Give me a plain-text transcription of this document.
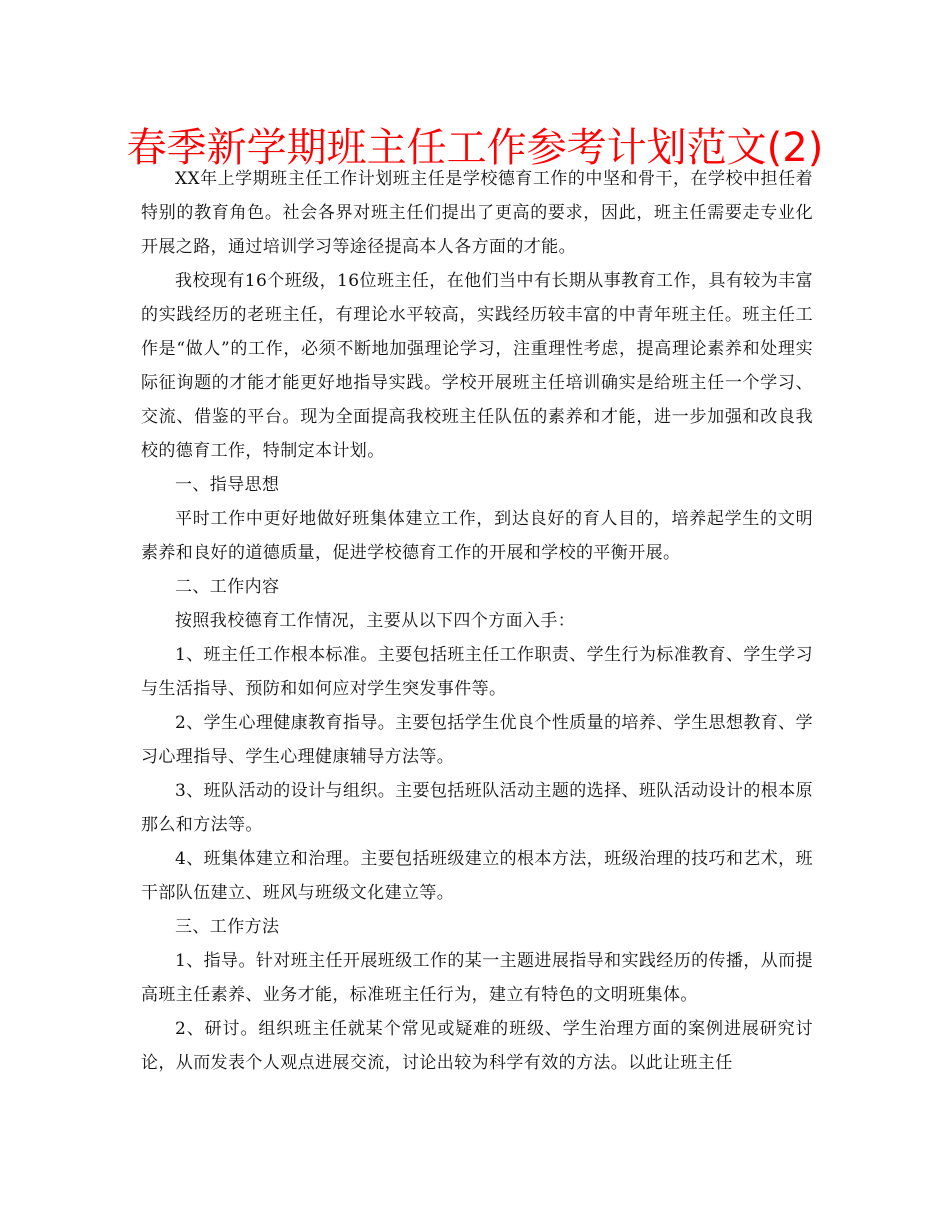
春季新学期班主任工作参考计划范文(2)

XX年上学期班主任工作计划班主任是学校德育工作的中坚和骨干，在学校中担任着特别的教育角色。社会各界对班主任们提出了更高的要求，因此，班主任需要走专业化开展之路，通过培训学习等途径提高本人各方面的才能。

我校现有16个班级，16位班主任，在他们当中有长期从事教育工作，具有较为丰富的实践经历的老班主任，有理论水平较高，实践经历较丰富的中青年班主任。班主任工作是“做人”的工作，必须不断地加强理论学习，注重理性考虑，提高理论素养和处理实际征询题的才能才能更好地指导实践。学校开展班主任培训确实是给班主任一个学习、交流、借鉴的平台。现为全面提高我校班主任队伍的素养和才能，进一步加强和改良我校的德育工作，特制定本计划。

一、指导思想

平时工作中更好地做好班集体建立工作，到达良好的育人目的，培养起学生的文明素养和良好的道德质量，促进学校德育工作的开展和学校的平衡开展。

二、工作内容

按照我校德育工作情况，主要从以下四个方面入手：

1、班主任工作根本标准。主要包括班主任工作职责、学生行为标准教育、学生学习与生活指导、预防和如何应对学生突发事件等。

2、学生心理健康教育指导。主要包括学生优良个性质量的培养、学生思想教育、学习心理指导、学生心理健康辅导方法等。

3、班队活动的设计与组织。主要包括班队活动主题的选择、班队活动设计的根本原那么和方法等。

4、班集体建立和治理。主要包括班级建立的根本方法，班级治理的技巧和艺术，班干部队伍建立、班风与班级文化建立等。

三、工作方法

1、指导。针对班主任开展班级工作的某一主题进展指导和实践经历的传播，从而提高班主任素养、业务才能，标准班主任行为，建立有特色的文明班集体。

2、研讨。组织班主任就某个常见或疑难的班级、学生治理方面的案例进展研究讨论，从而发表个人观点进展交流，讨论出较为科学有效的方法。以此让班主任
